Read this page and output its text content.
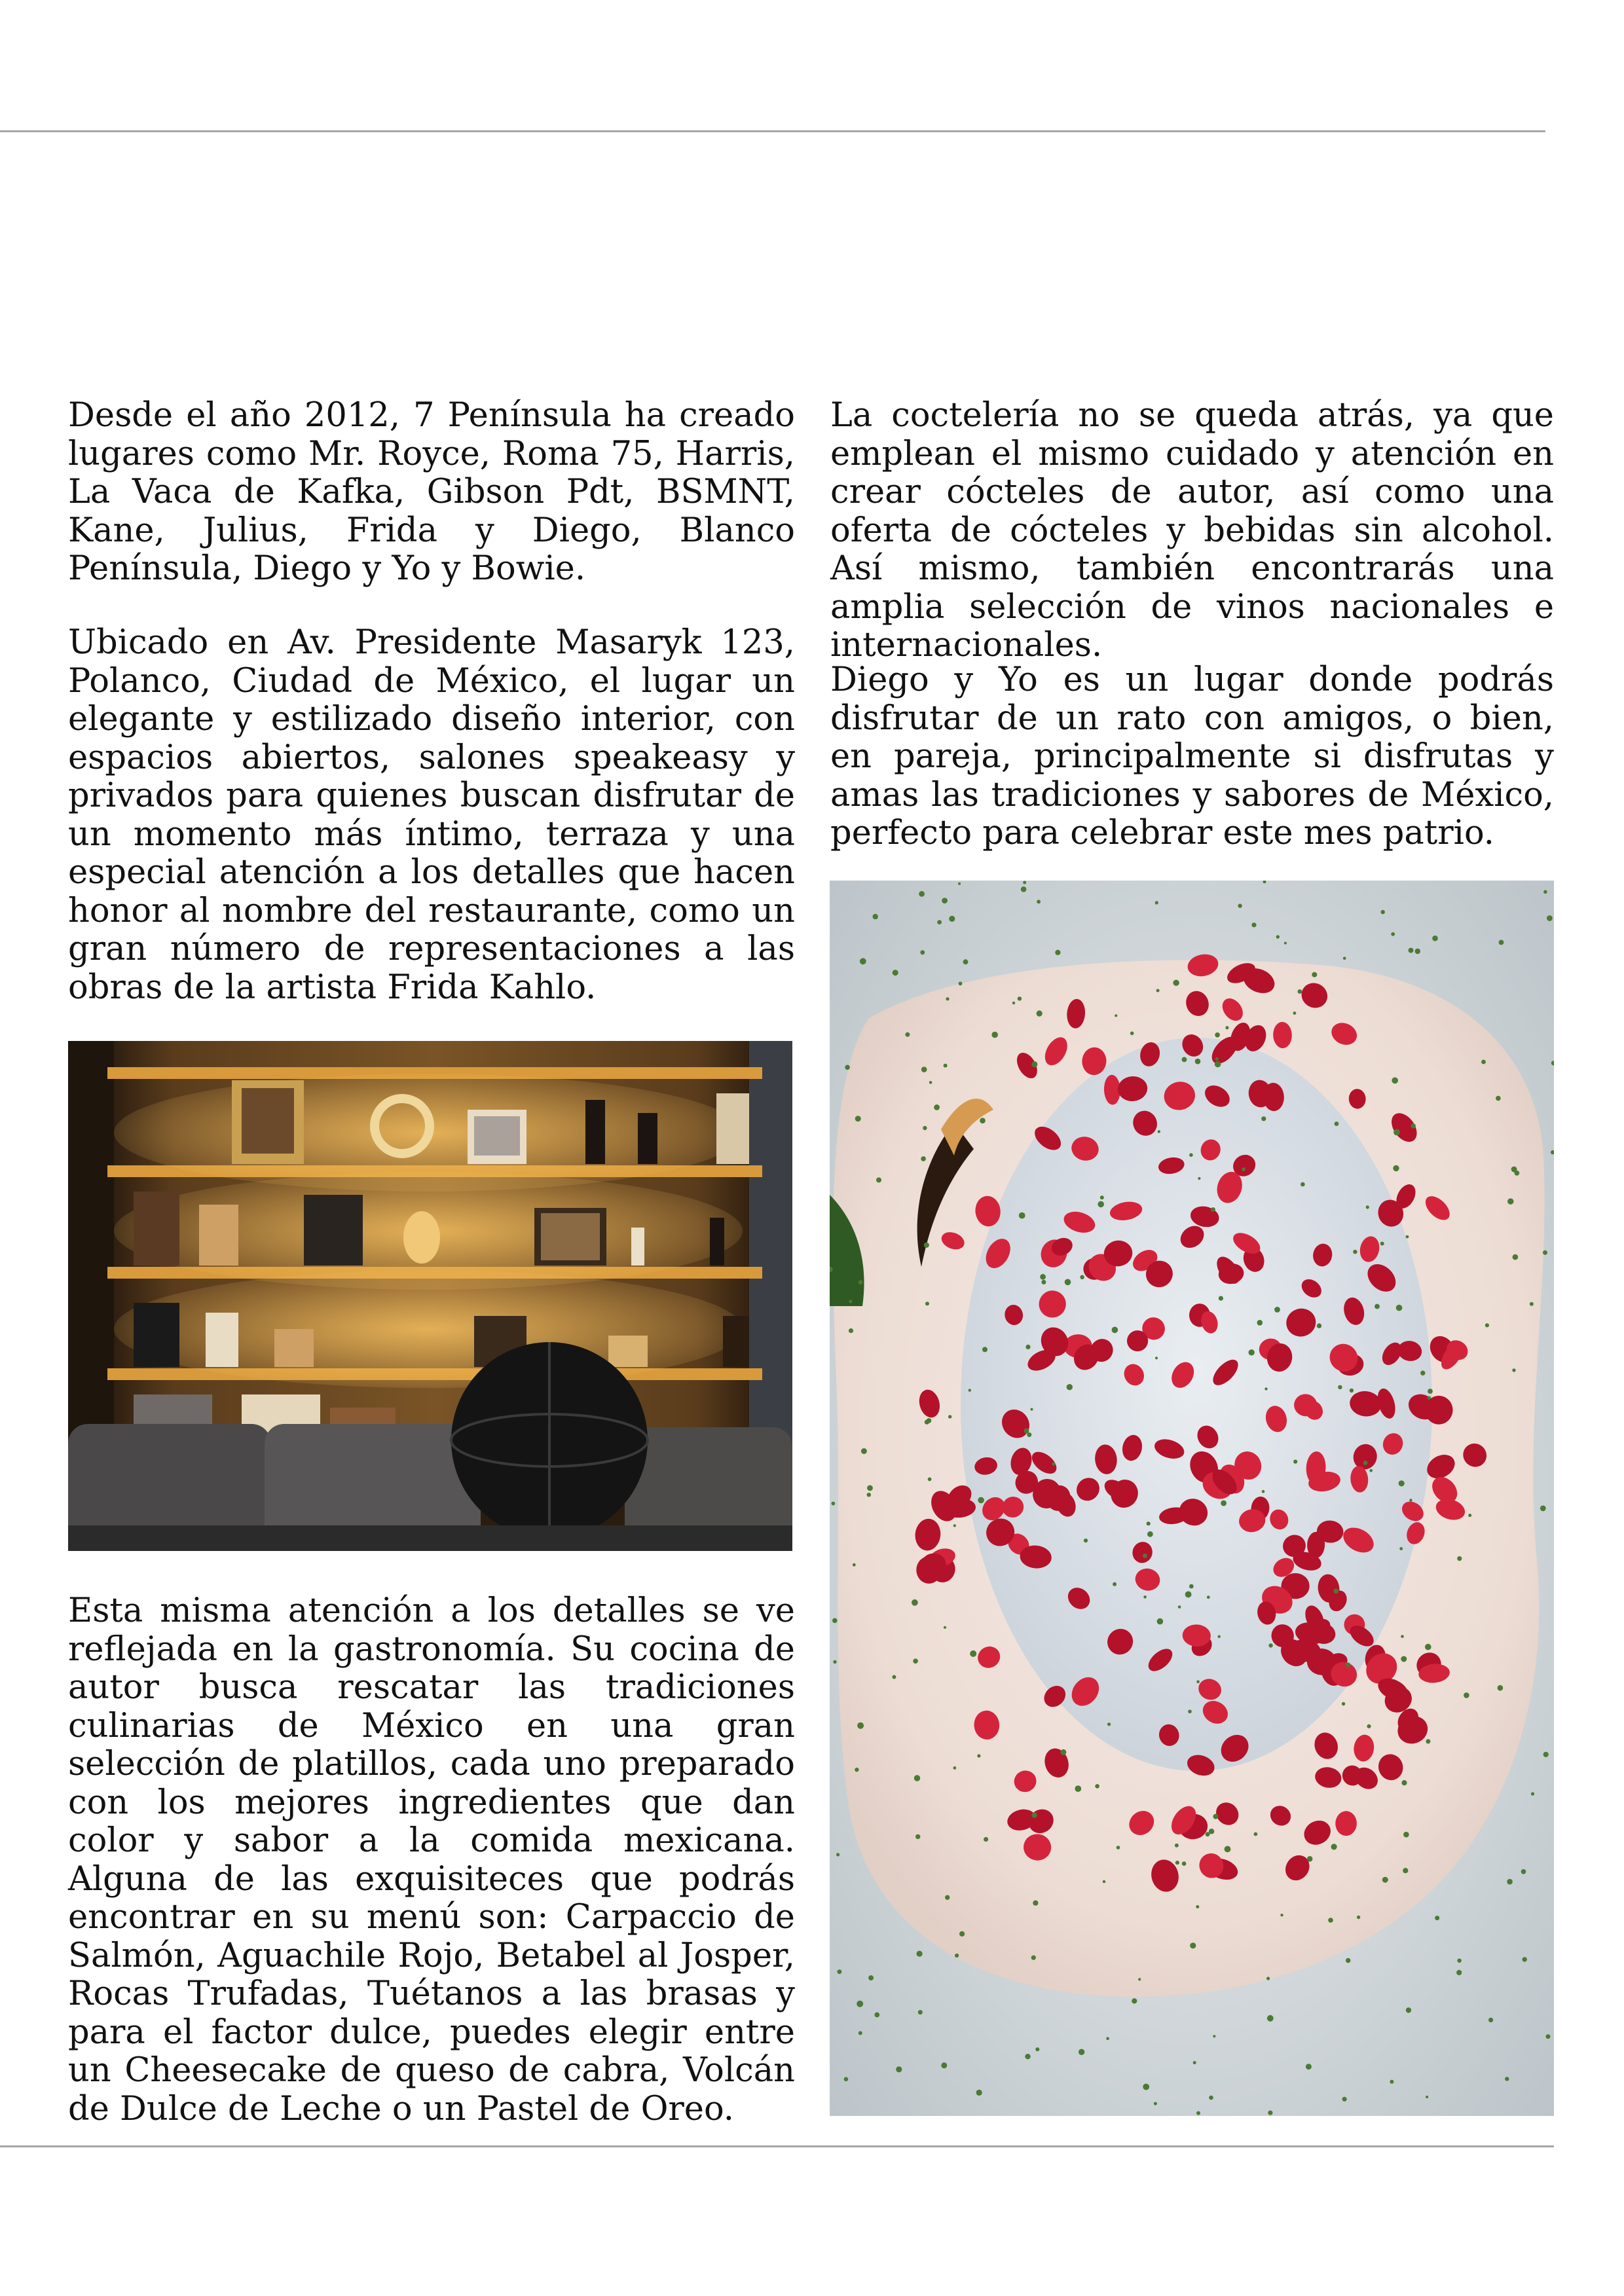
Desde el año 2012, 7 Península ha creado lugares como Mr. Royce, Roma 75, Harris, La Vaca de Kafka, Gibson Pdt, BSMNT, Kane, Julius, Frida y Diego, Blanco Península, Diego y Yo y Bowie.

Ubicado en Av. Presidente Masaryk 123, Polanco, Ciudad de México, el lugar un elegante y estilizado diseño interior, con espacios abiertos, salones speakeasy y privados para quienes buscan disfrutar de un momento más íntimo, terraza y una especial atención a los detalles que hacen honor al nombre del restaurante, como un gran número de representaciones a las obras de la artista Frida Kahlo.

Esta misma atención a los detalles se ve reflejada en la gastronomía. Su cocina de autor busca rescatar las tradiciones culinarias de México en una gran selección de platillos, cada uno preparado con los mejores ingredientes que dan color y sabor a la comida mexicana. Alguna de las exquisiteces que podrás encontrar en su menú son: Carpaccio de Salmón, Aguachile Rojo, Betabel al Josper, Rocas Trufadas, Tuétanos a las brasas y para el factor dulce, puedes elegir entre un Cheesecake de queso de cabra, Volcán de Dulce de Leche o un Pastel de Oreo.

La coctelería no se queda atrás, ya que emplean el mismo cuidado y atención en crear cócteles de autor, así como una oferta de cócteles y bebidas sin alcohol. Así mismo, también encontrarás una amplia selección de vinos nacionales e internacionales.

Diego y Yo es un lugar donde podrás disfrutar de un rato con amigos, o bien, en pareja, principalmente si disfrutas y amas las tradiciones y sabores de México, perfecto para celebrar este mes patrio.
